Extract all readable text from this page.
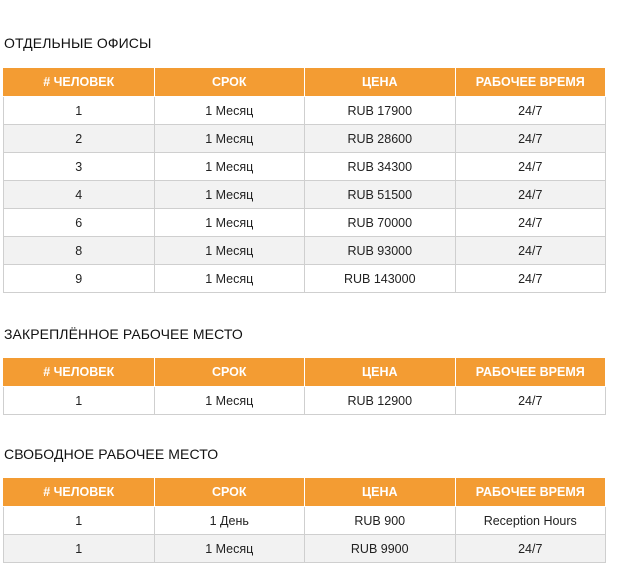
ОТДЕЛЬНЫЕ ОФИСЫ
# ЧЕЛОВЕК	СРОК	ЦЕНА	РАБОЧЕЕ ВРЕМЯ
1	1 Месяц	RUB 17900	24/7
2	1 Месяц	RUB 28600	24/7
3	1 Месяц	RUB 34300	24/7
4	1 Месяц	RUB 51500	24/7
6	1 Месяц	RUB 70000	24/7
8	1 Месяц	RUB 93000	24/7
9	1 Месяц	RUB 143000	24/7
ЗАКРЕПЛЁННОЕ РАБОЧЕЕ МЕСТО
# ЧЕЛОВЕК	СРОК	ЦЕНА	РАБОЧЕЕ ВРЕМЯ
1	1 Месяц	RUB 12900	24/7
СВОБОДНОЕ РАБОЧЕЕ МЕСТО
# ЧЕЛОВЕК	СРОК	ЦЕНА	РАБОЧЕЕ ВРЕМЯ
1	1 День	RUB 900	Reception Hours
1	1 Месяц	RUB 9900	24/7
